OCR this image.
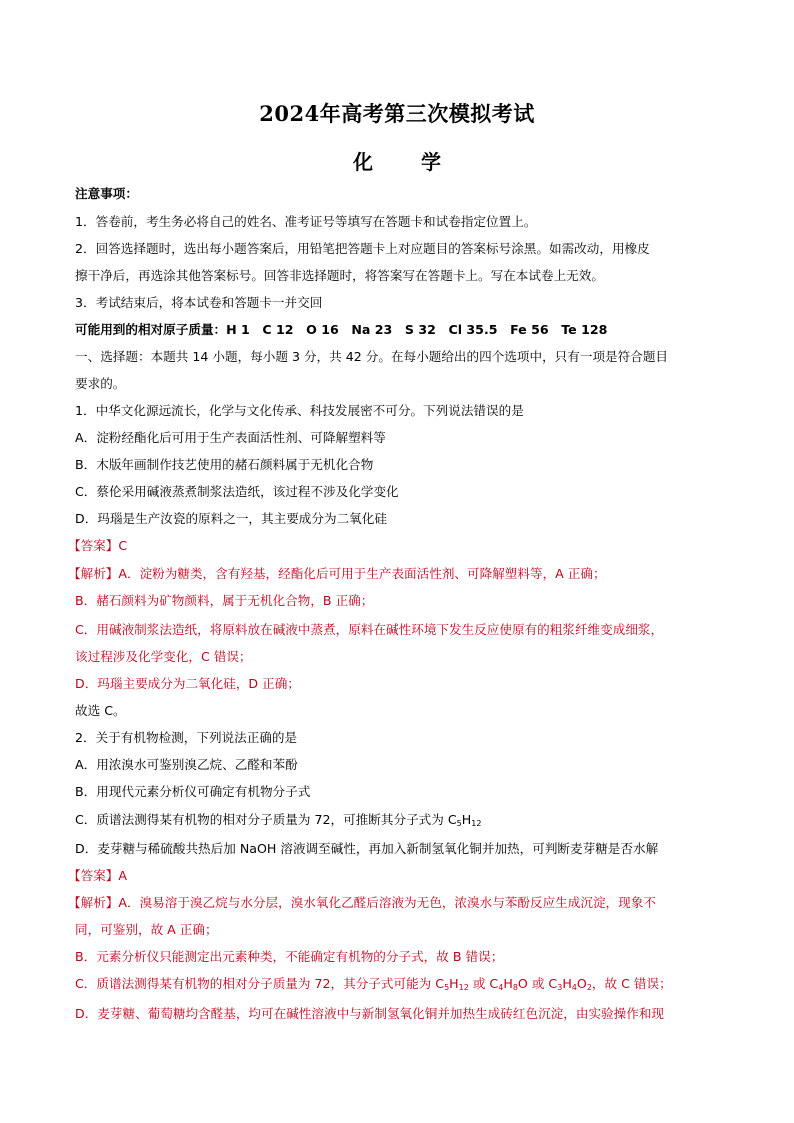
2024年高考第三次模拟考试
化　学
注意事项：
1．答卷前，考生务必将自己的姓名、准考证号等填写在答题卡和试卷指定位置上。
2．回答选择题时，选出每小题答案后，用铅笔把答题卡上对应题目的答案标号涂黑。如需改动，用橡皮
擦干净后，再选涂其他答案标号。回答非选择题时，将答案写在答题卡上。写在本试卷上无效。
3．考试结束后，将本试卷和答题卡一并交回
可能用到的相对原子质量：H 1　C 12　O 16　Na 23　S 32　Cl 35.5　Fe 56　Te 128
一、选择题：本题共 14 小题，每小题 3 分，共 42 分。在每小题给出的四个选项中，只有一项是符合题目
要求的。
1．中华文化源远流长，化学与文化传承、科技发展密不可分。下列说法错误的是
A．淀粉经酯化后可用于生产表面活性剂、可降解塑料等
B．木版年画制作技艺使用的赭石颜料属于无机化合物
C．蔡伦采用碱液蒸煮制浆法造纸，该过程不涉及化学变化
D．玛瑙是生产汝瓷的原料之一，其主要成分为二氧化硅
【答案】C
【解析】A．淀粉为糖类，含有羟基，经酯化后可用于生产表面活性剂、可降解塑料等，A 正确；
B．赭石颜料为矿物颜料，属于无机化合物，B 正确；
C．用碱液制浆法造纸，将原料放在碱液中蒸煮，原料在碱性环境下发生反应使原有的粗浆纤维变成细浆，
该过程涉及化学变化，C 错误；
D．玛瑙主要成分为二氧化硅，D 正确；
故选 C。
2．关于有机物检测，下列说法正确的是
A．用浓溴水可鉴别溴乙烷、乙醛和苯酚
B．用现代元素分析仪可确定有机物分子式
C．质谱法测得某有机物的相对分子质量为 72，可推断其分子式为 $C_5H_{12}$
D．麦芽糖与稀硫酸共热后加 NaOH 溶液调至碱性，再加入新制氢氧化铜并加热，可判断麦芽糖是否水解
【答案】A
【解析】A．溴易溶于溴乙烷与水分层，溴水氧化乙醛后溶液为无色，浓溴水与苯酚反应生成沉淀，现象不
同，可鉴别，故 A 正确；
B．元素分析仪只能测定出元素种类，不能确定有机物的分子式，故 B 错误；
C．质谱法测得某有机物的相对分子质量为 72，其分子式可能为 $C_5H_{12}$ 或 $C_4H_8O$ 或 $C_3H_4O_2$，故 C 错误；
D．麦芽糖、葡萄糖均含醛基，均可在碱性溶液中与新制氢氧化铜并加热生成砖红色沉淀，由实验操作和现
